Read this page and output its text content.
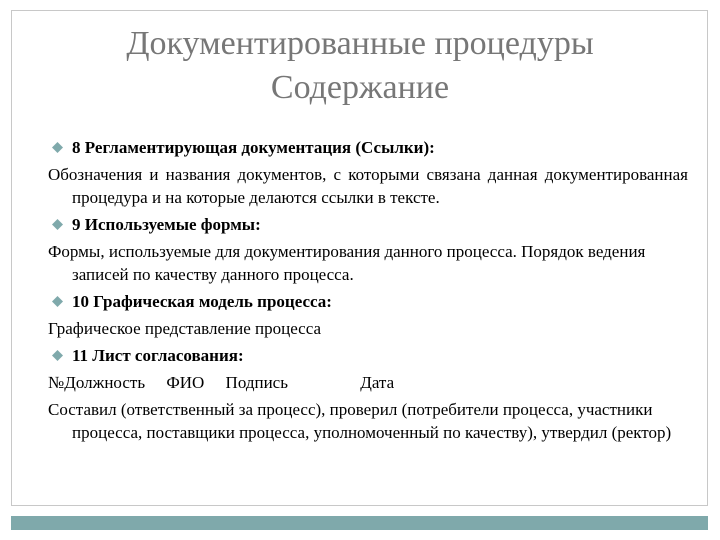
Документированные процедуры
Содержание
8 Регламентирующая документация (Ссылки):
Обозначения и названия документов, с которыми связана данная документированная процедура и на которые делаются ссылки в тексте.
9 Используемые формы:
Формы, используемые для документирования данного процесса. Порядок ведения записей по качеству данного процесса.
10 Графическая модель процесса:
Графическое представление процесса
11 Лист согласования:
№Должность     ФИО     Подпись                 Дата
Составил (ответственный за процесс), проверил (потребители процесса, участники процесса, поставщики процесса, уполномоченный по качеству), утвердил (ректор)
